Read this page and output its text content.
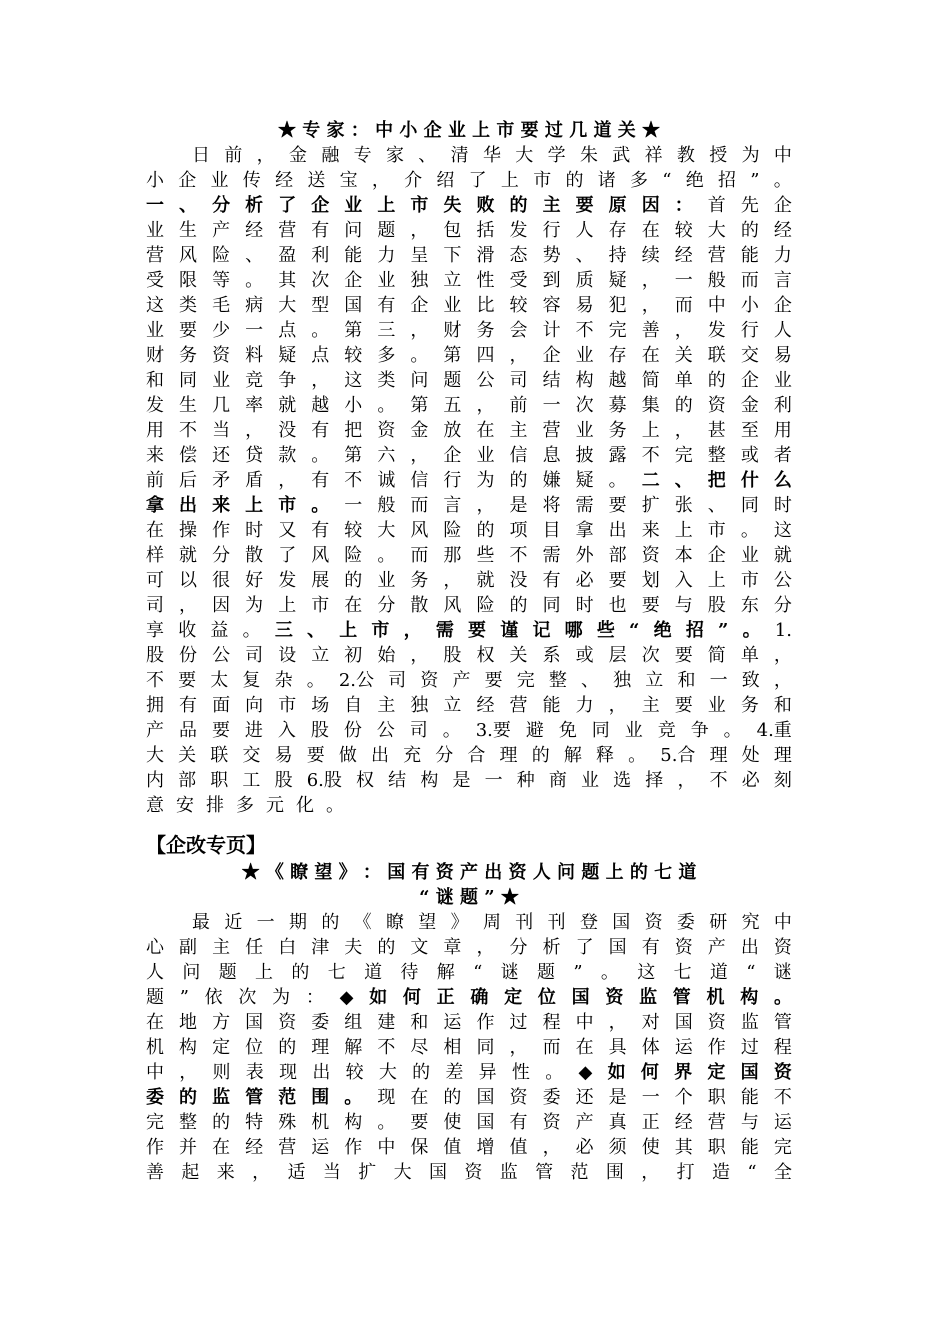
★ 专 家 ： 中 小 企 业 上 市 要 过 几 道 关 ★
日 前 ， 金 融 专 家 、 清 华 大 学 朱 武 祥 教 授 为 中
小 企 业 传 经 送 宝 ， 介 绍 了 上 市 的 诸 多 “ 绝 招 ” 。
一 、 分 析 了 企 业 上 市 失 败 的 主 要 原 因 ： 首 先 企
业 生 产 经 营 有 问 题 ， 包 括 发 行 人 存 在 较 大 的 经
营 风 险 、 盈 利 能 力 呈 下 滑 态 势 、 持 续 经 营 能 力
受 限 等 。 其 次 企 业 独 立 性 受 到 质 疑 ， 一 般 而 言
这 类 毛 病 大 型 国 有 企 业 比 较 容 易 犯 ， 而 中 小 企
业 要 少 一 点 。 第 三 ， 财 务 会 计 不 完 善 ， 发 行 人
财 务 资 料 疑 点 较 多 。 第 四 ， 企 业 存 在 关 联 交 易
和 同 业 竞 争 ， 这 类 问 题 公 司 结 构 越 简 单 的 企 业
发 生 几 率 就 越 小 。 第 五 ， 前 一 次 募 集 的 资 金 利
用 不 当 ， 没 有 把 资 金 放 在 主 营 业 务 上 ， 甚 至 用
来 偿 还 贷 款 。 第 六 ， 企 业 信 息 披 露 不 完 整 或 者
前 后 矛 盾 ， 有 不 诚 信 行 为 的 嫌 疑 。 二 、 把 什 么
拿 出 来 上 市 。 一 般 而 言 ， 是 将 需 要 扩 张 、 同 时
在 操 作 时 又 有 较 大 风 险 的 项 目 拿 出 来 上 市 。 这
样 就 分 散 了 风 险 。 而 那 些 不 需 外 部 资 本 企 业 就
可 以 很 好 发 展 的 业 务 ， 就 没 有 必 要 划 入 上 市 公
司 ， 因 为 上 市 在 分 散 风 险 的 同 时 也 要 与 股 东 分
享 收 益 。 三 、 上 市 ， 需 要 谨 记 哪 些 “ 绝 招 ” 。 1.
股 份 公 司 设 立 初 始 ， 股 权 关 系 或 层 次 要 简 单 ，
不 要 太 复 杂 。 2.公 司 资 产 要 完 整 、 独 立 和 一 致 ，
拥 有 面 向 市 场 自 主 独 立 经 营 能 力 ， 主 要 业 务 和
产 品 要 进 入 股 份 公 司 。 3.要 避 免 同 业 竞 争 。 4.重
大 关 联 交 易 要 做 出 充 分 合 理 的 解 释 。 5.合 理 处 理
内 部 职 工 股 6.股 权 结 构 是 一 种 商 业 选 择 ， 不 必 刻
意 安 排 多 元 化 。
【企改专页】
★ 《 瞭 望 》 ： 国 有 资 产 出 资 人 问 题 上 的 七 道
“ 谜 题 ” ★
最 近 一 期 的 《 瞭 望 》 周 刊 刊 登 国 资 委 研 究 中
心 副 主 任 白 津 夫 的 文 章 ， 分 析 了 国 有 资 产 出 资
人 问 题 上 的 七 道 待 解 “ 谜 题 ” 。 这 七 道 “ 谜
题 ” 依 次 为 ： ◆ 如 何 正 确 定 位 国 资 监 管 机 构 。
在 地 方 国 资 委 组 建 和 运 作 过 程 中 ， 对 国 资 监 管
机 构 定 位 的 理 解 不 尽 相 同 ， 而 在 具 体 运 作 过 程
中 ， 则 表 现 出 较 大 的 差 异 性 。 ◆ 如 何 界 定 国 资
委 的 监 管 范 围 。 现 在 的 国 资 委 还 是 一 个 职 能 不
完 整 的 特 殊 机 构 。 要 使 国 有 资 产 真 正 经 营 与 运
作 并 在 经 营 运 作 中 保 值 增 值 ， 必 须 使 其 职 能 完
善 起 来 ， 适 当 扩 大 国 资 监 管 范 围 ， 打 造 “ 全
